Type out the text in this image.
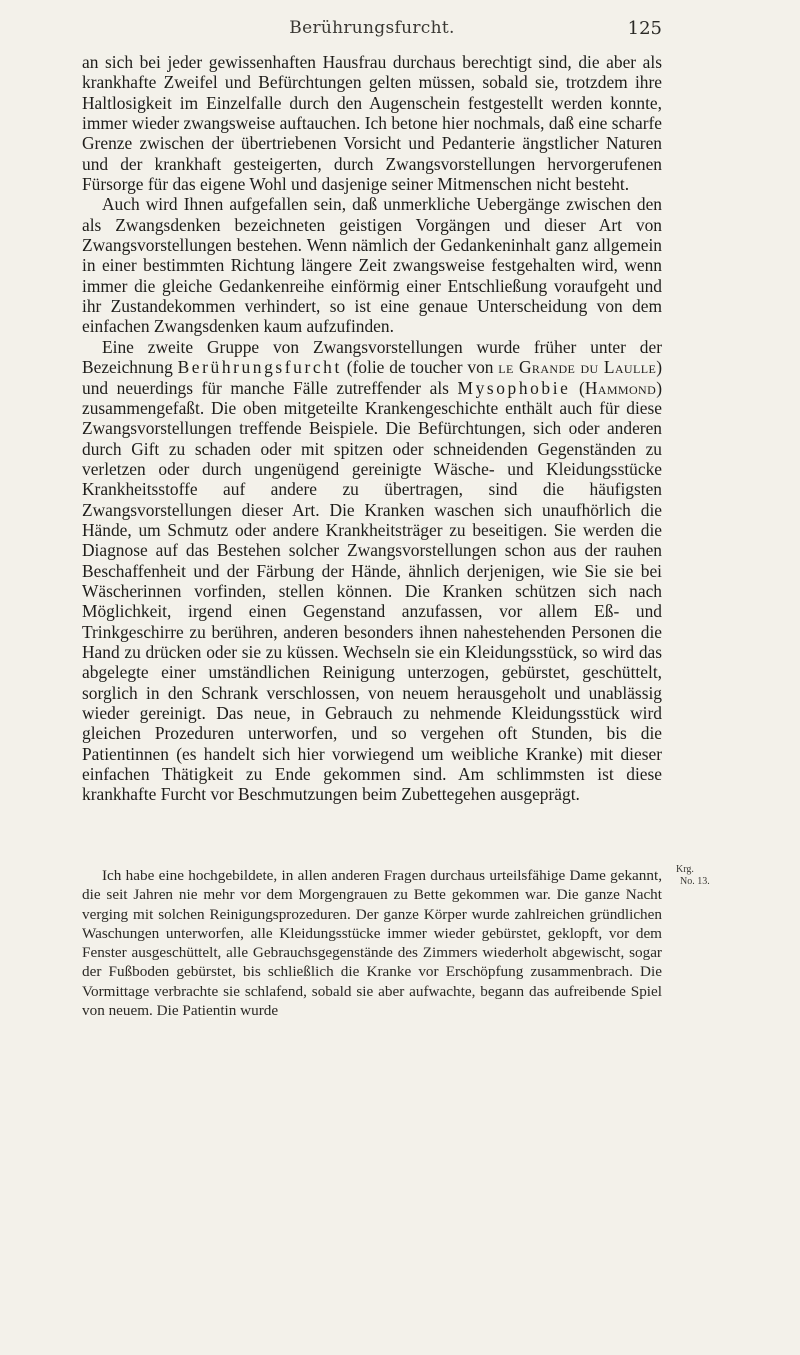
Berührungsfurcht.	125

an sich bei jeder gewissenhaften Hausfrau durchaus berechtigt sind, die aber als krankhafte Zweifel und Befürchtungen gelten müssen, sobald sie, trotzdem ihre Haltlosigkeit im Einzelfalle durch den Augenschein festgestellt werden konnte, immer wieder zwangsweise auftauchen. Ich betone hier nochmals, daß eine scharfe Grenze zwischen der übertriebenen Vorsicht und Pedanterie ängstlicher Naturen und der krankhaft gesteigerten, durch Zwangsvorstellungen hervorgerufenen Fürsorge für das eigene Wohl und dasjenige seiner Mitmenschen nicht besteht.

Auch wird Ihnen aufgefallen sein, daß unmerkliche Uebergänge zwischen den als Zwangsdenken bezeichneten geistigen Vorgängen und dieser Art von Zwangsvorstellungen bestehen. Wenn nämlich der Gedankeninhalt ganz allgemein in einer bestimmten Richtung längere Zeit zwangsweise festgehalten wird, wenn immer die gleiche Gedankenreihe einförmig einer Entschließung voraufgeht und ihr Zustandekommen verhindert, so ist eine genaue Unterscheidung von dem einfachen Zwangsdenken kaum aufzufinden.

Eine zweite Gruppe von Zwangsvorstellungen wurde früher unter der Bezeichnung Berührungsfurcht (folie de toucher von le Grande du Laulle) und neuerdings für manche Fälle zutreffender als Mysophobie (Hammond) zusammengefaßt. Die oben mitgeteilte Krankengeschichte enthält auch für diese Zwangsvorstellungen treffende Beispiele. Die Befürchtungen, sich oder anderen durch Gift zu schaden oder mit spitzen oder schneidenden Gegenständen zu verletzen oder durch ungenügend gereinigte Wäsche- und Kleidungsstücke Krankheitsstoffe auf andere zu übertragen, sind die häufigsten Zwangsvorstellungen dieser Art. Die Kranken waschen sich unaufhörlich die Hände, um Schmutz oder andere Krankheitsträger zu beseitigen. Sie werden die Diagnose auf das Bestehen solcher Zwangsvorstellungen schon aus der rauhen Beschaffenheit und der Färbung der Hände, ähnlich derjenigen, wie Sie sie bei Wäscherinnen vorfinden, stellen können. Die Kranken schützen sich nach Möglichkeit, irgend einen Gegenstand anzufassen, vor allem Eß- und Trinkgeschirre zu berühren, anderen besonders ihnen nahestehenden Personen die Hand zu drücken oder sie zu küssen. Wechseln sie ein Kleidungsstück, so wird das abgelegte einer umständlichen Reinigung unterzogen, gebürstet, geschüttelt, sorglich in den Schrank verschlossen, von neuem herausgeholt und unablässig wieder gereinigt. Das neue, in Gebrauch zu nehmende Kleidungsstück wird gleichen Prozeduren unterworfen, und so vergehen oft Stunden, bis die Patientinnen (es handelt sich hier vorwiegend um weibliche Kranke) mit dieser einfachen Thätigkeit zu Ende gekommen sind. Am schlimmsten ist diese krankhafte Furcht vor Beschmutzungen beim Zubettegehen ausgeprägt.

Ich habe eine hochgebildete, in allen anderen Fragen durchaus urteilsfähige Dame gekannt, die seit Jahren nie mehr vor dem Morgengrauen zu Bette gekommen war. Die ganze Nacht verging mit solchen Reinigungsprozeduren. Der ganze Körper wurde zahlreichen gründlichen Waschungen unterworfen, alle Kleidungsstücke immer wieder gebürstet, geklopft, vor dem Fenster ausgeschüttelt, alle Gebrauchsgegenstände des Zimmers wiederholt abgewischt, sogar der Fußboden gebürstet, bis schließlich die Kranke vor Erschöpfung zusammenbrach. Die Vormittage verbrachte sie schlafend, sobald sie aber aufwachte, begann das aufreibende Spiel von neuem. Die Patientin wurde

Krg.
No. 13.
